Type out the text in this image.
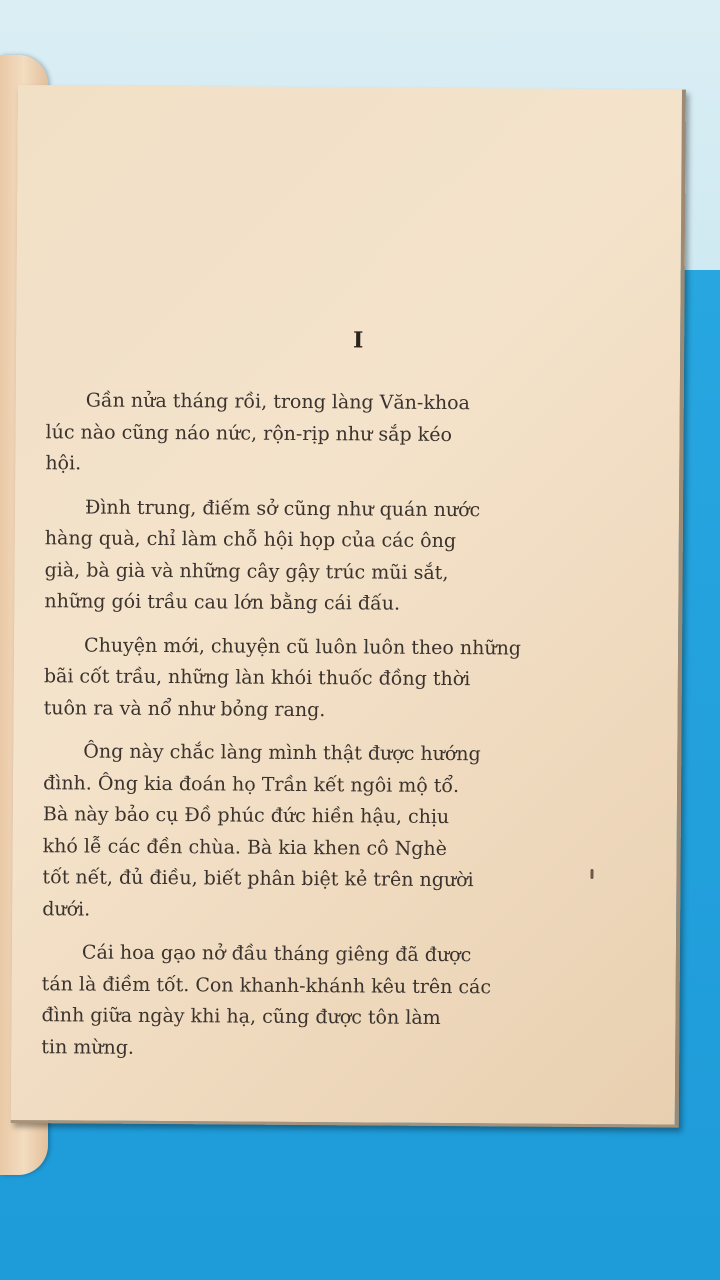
I

Gần nửa tháng rồi, trong làng Văn-khoa
lúc nào cũng náo nức, rộn-rịp như sắp kéo
hội.

Đình trung, điếm sở cũng như quán nước
hàng quà, chỉ làm chỗ hội họp của các ông
già, bà già và những cây gậy trúc mũi sắt,
những gói trầu cau lớn bằng cái đấu.

Chuyện mới, chuyện cũ luôn luôn theo những
bãi cốt trầu, những làn khói thuốc đồng thời
tuôn ra và nổ như bỏng rang.

Ông này chắc làng mình thật được hướng
đình. Ông kia đoán họ Trần kết ngôi mộ tổ.
Bà này bảo cụ Đồ phúc đức hiền hậu, chịu
khó lễ các đền chùa. Bà kia khen cô Nghè
tốt nết, đủ điều, biết phân biệt kẻ trên người
dưới.

Cái hoa gạo nở đầu tháng giêng đã được
tán là điềm tốt. Con khanh-khánh kêu trên các
đình giữa ngày khi hạ, cũng được tôn làm
tin mừng.
